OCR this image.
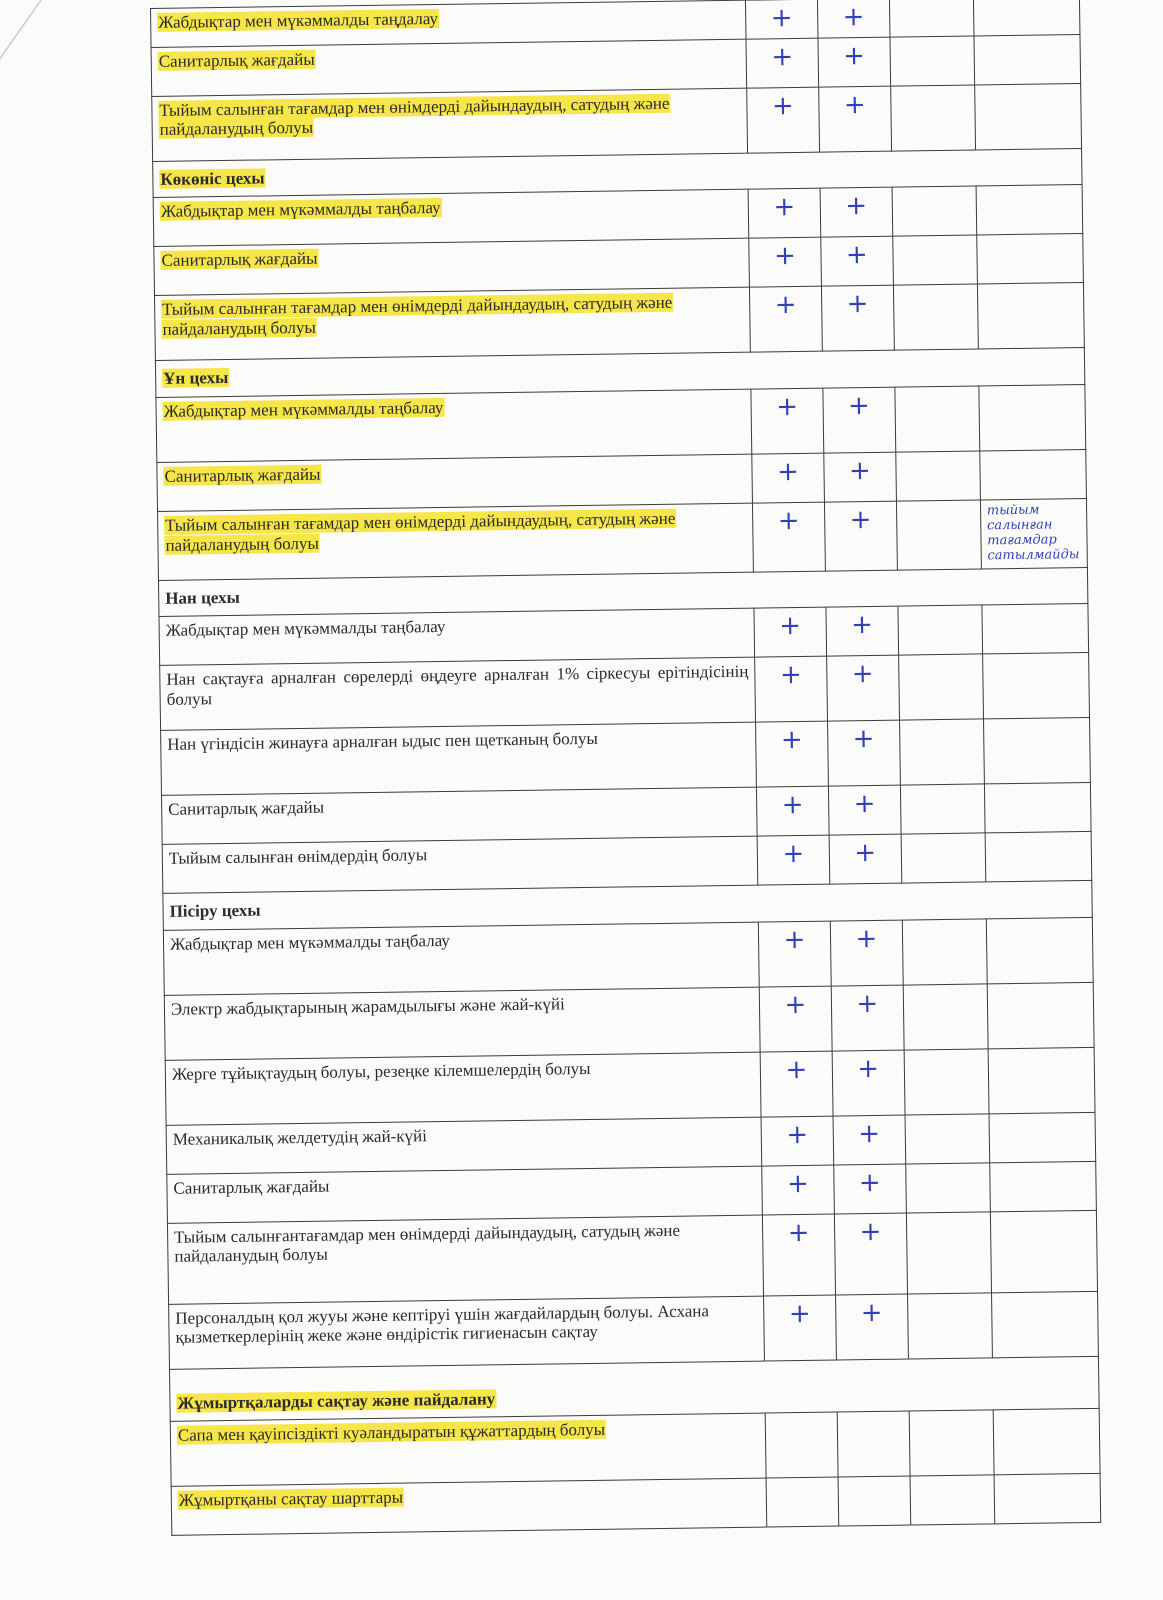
Жабдықтар мен мүкәммалды таңдалау	+	+		
Санитарлық жағдайы	+	+		
Тыйым салынған тағамдар мен өнімдерді дайындаудың, сатудың және пайдаланудың болуы	+	+		
Көкөніс цехы				
Жабдықтар мен мүкәммалды таңбалау	+	+		
Санитарлық жағдайы	+	+		
Тыйым салынған тағамдар мен өнімдерді дайындаудың, сатудың және пайдаланудың болуы	+	+		
Ұн цехы				
Жабдықтар мен мүкәммалды таңбалау	+	+		
Санитарлық жағдайы	+	+		
Тыйым салынған тағамдар мен өнімдерді дайындаудың, сатудың және пайдаланудың болуы	+	+		тыйым салынған тағамдар сатылмайды
Нан цехы				
Жабдықтар мен мүкәммалды таңбалау	+	+		
Нан сақтауға арналған сөрелерді өңдеуге арналған 1% сіркесуы ерітіндісінің болуы	+	+		
Нан үгіндісін жинауға арналған ыдыс пен щетканың болуы	+	+		
Санитарлық жағдайы	+	+		
Тыйым салынған өнімдердің болуы	+	+		
Пісіру цехы				
Жабдықтар мен мүкәммалды таңбалау	+	+		
Электр жабдықтарының жарамдылығы және жай-күйі	+	+		
Жерге тұйықтаудың болуы, резеңке кілемшелердің болуы	+	+		
Механикалық желдетудің жай-күйі	+	+		
Санитарлық жағдайы	+	+		
Тыйым салынғантағамдар мен өнімдерді дайындаудың, сатудың және пайдаланудың болуы	+	+		
Персоналдың қол жууы және кептіруі үшін жағдайлардың болуы. Асхана қызметкерлерінің жеке және өндірістік гигиенасын сақтау	+	+		
Жұмыртқаларды сақтау және пайдалану				
Сапа мен қауіпсіздікті куәландыратын құжаттардың болуы				
Жұмыртқаны сақтау шарттары				
